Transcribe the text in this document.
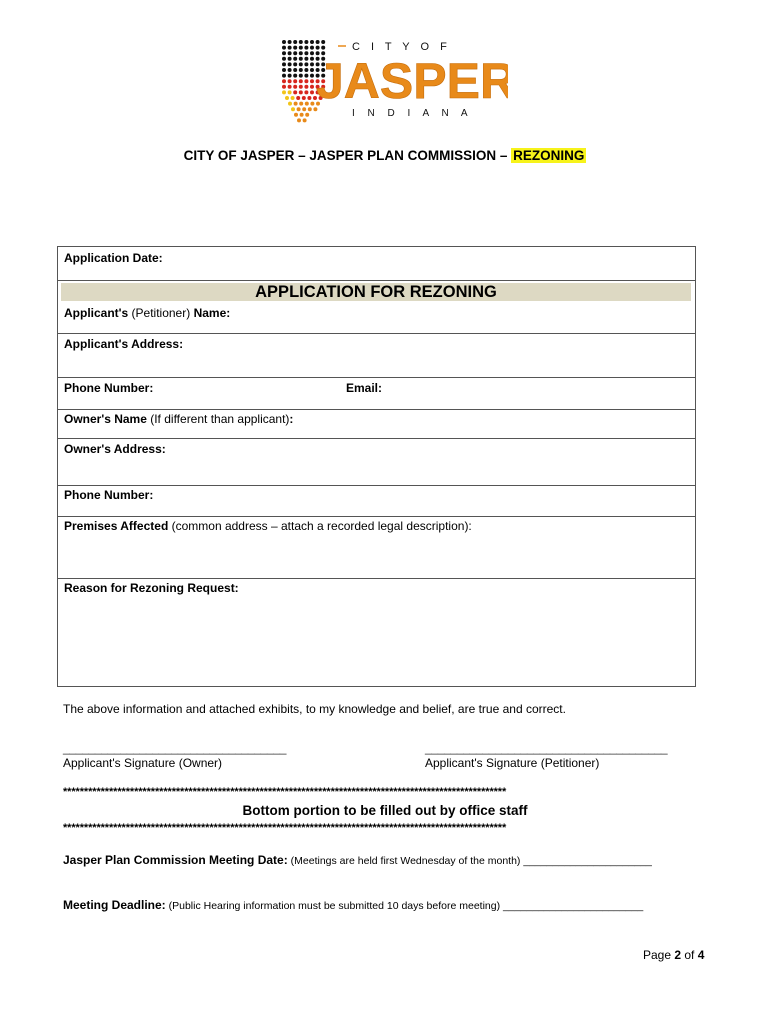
C I T Y O F
JASPER
I N D I A N A
CITY OF JASPER – JASPER PLAN COMMISSION – REZONING
Application Date:
APPLICATION FOR REZONING
Applicant's (Petitioner) Name:
Applicant's Address:
Phone Number:	Email:
Owner's Name (If different than applicant):
Owner's Address:
Phone Number:
Premises Affected (common address – attach a recorded legal description):
Reason for Rezoning Request:
The above information and attached exhibits, to my knowledge and belief, are true and correct.
___________________________________
Applicant's Signature (Owner)
______________________________________
Applicant's Signature (Petitioner)
**********************************************************************************************************
Bottom portion to be filled out by office staff
**********************************************************************************************************
Jasper Plan Commission Meeting Date: (Meetings are held first Wednesday of the month) ______________________
Meeting Deadline: (Public Hearing information must be submitted 10 days before meeting) ________________________
Page 2 of 4
